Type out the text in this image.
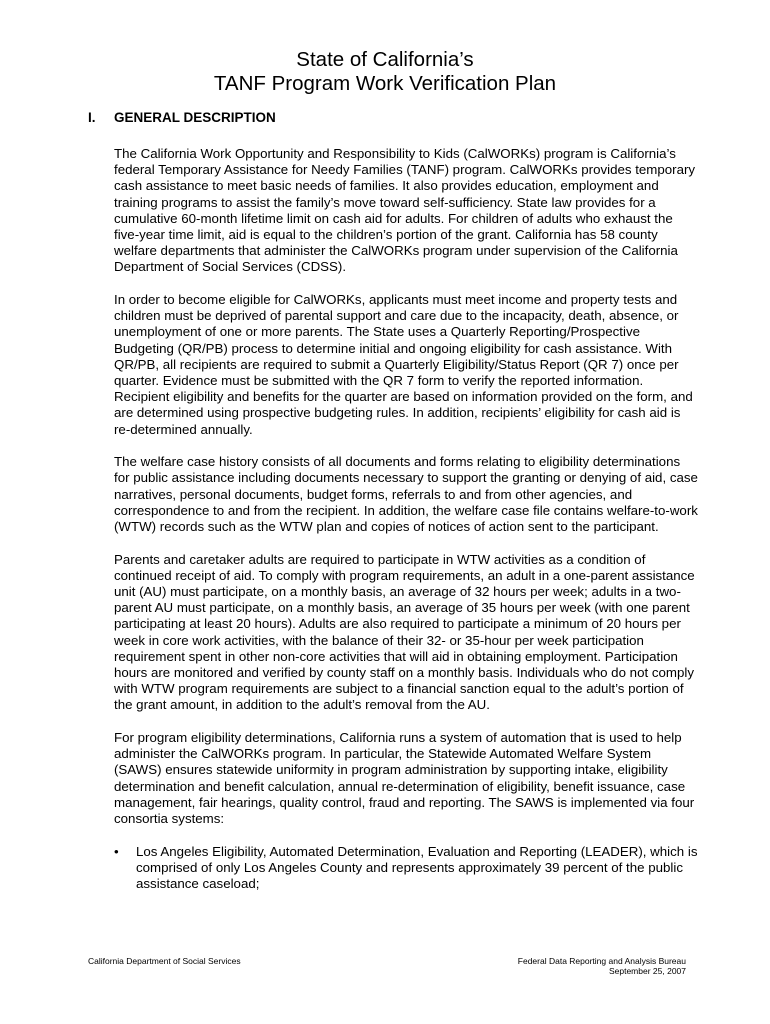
State of California’s
TANF Program Work Verification Plan
I. GENERAL DESCRIPTION

The California Work Opportunity and Responsibility to Kids (CalWORKs) program is California’s federal Temporary Assistance for Needy Families (TANF) program. CalWORKs provides temporary cash assistance to meet basic needs of families. It also provides education, employment and training programs to assist the family’s move toward self-sufficiency. State law provides for a cumulative 60-month lifetime limit on cash aid for adults. For children of adults who exhaust the five-year time limit, aid is equal to the children’s portion of the grant. California has 58 county welfare departments that administer the CalWORKs program under supervision of the California Department of Social Services (CDSS).

In order to become eligible for CalWORKs, applicants must meet income and property tests and children must be deprived of parental support and care due to the incapacity, death, absence, or unemployment of one or more parents. The State uses a Quarterly Reporting/Prospective Budgeting (QR/PB) process to determine initial and ongoing eligibility for cash assistance. With QR/PB, all recipients are required to submit a Quarterly Eligibility/Status Report (QR 7) once per quarter. Evidence must be submitted with the QR 7 form to verify the reported information. Recipient eligibility and benefits for the quarter are based on information provided on the form, and are determined using prospective budgeting rules. In addition, recipients’ eligibility for cash aid is re-determined annually.

The welfare case history consists of all documents and forms relating to eligibility determinations for public assistance including documents necessary to support the granting or denying of aid, case narratives, personal documents, budget forms, referrals to and from other agencies, and correspondence to and from the recipient. In addition, the welfare case file contains welfare-to-work (WTW) records such as the WTW plan and copies of notices of action sent to the participant.

Parents and caretaker adults are required to participate in WTW activities as a condition of continued receipt of aid. To comply with program requirements, an adult in a one-parent assistance unit (AU) must participate, on a monthly basis, an average of 32 hours per week; adults in a two-parent AU must participate, on a monthly basis, an average of 35 hours per week (with one parent participating at least 20 hours). Adults are also required to participate a minimum of 20 hours per week in core work activities, with the balance of their 32- or 35-hour per week participation requirement spent in other non-core activities that will aid in obtaining employment. Participation hours are monitored and verified by county staff on a monthly basis. Individuals who do not comply with WTW program requirements are subject to a financial sanction equal to the adult’s portion of the grant amount, in addition to the adult’s removal from the AU.

For program eligibility determinations, California runs a system of automation that is used to help administer the CalWORKs program. In particular, the Statewide Automated Welfare System (SAWS) ensures statewide uniformity in program administration by supporting intake, eligibility determination and benefit calculation, annual re-determination of eligibility, benefit issuance, case management, fair hearings, quality control, fraud and reporting. The SAWS is implemented via four consortia systems:

• Los Angeles Eligibility, Automated Determination, Evaluation and Reporting (LEADER), which is comprised of only Los Angeles County and represents approximately 39 percent of the public assistance caseload;
California Department of Social Services	Federal Data Reporting and Analysis Bureau
September 25, 2007
